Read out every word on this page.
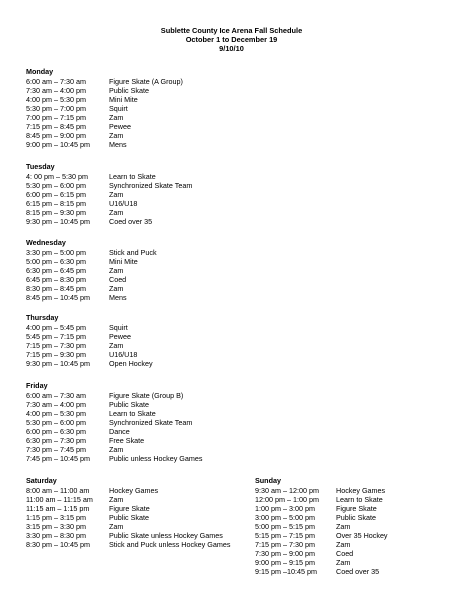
Sublette County Ice Arena Fall Schedule
October 1 to December 19
9/10/10
Monday
6:00 am – 7:30 am	Figure Skate (A Group)
7:30 am – 4:00 pm	Public Skate
4:00 pm – 5:30 pm	Mini Mite
5:30 pm – 7:00 pm	Squirt
7:00 pm – 7:15 pm	Zam
7:15 pm – 8:45 pm	Pewee
8:45 pm – 9:00 pm	Zam
9:00 pm – 10:45 pm	Mens
Tuesday
4: 00 pm – 5:30 pm	Learn to Skate
5:30 pm – 6:00 pm	Synchronized Skate Team
6:00 pm – 6:15 pm	Zam
6:15 pm – 8:15 pm	U16/U18
8:15 pm – 9:30 pm	Zam
9:30 pm – 10:45 pm	Coed over 35
Wednesday
3:30 pm – 5:00 pm	Stick and Puck
5:00 pm – 6:30 pm	Mini Mite
6:30 pm – 6:45 pm	Zam
6:45 pm – 8:30 pm	Coed
8:30 pm – 8:45 pm	Zam
8:45 pm – 10:45 pm	Mens
Thursday
4:00 pm – 5:45 pm	Squirt
5:45 pm – 7:15 pm	Pewee
7:15 pm – 7:30 pm	Zam
7:15 pm – 9:30 pm	U16/U18
9:30 pm – 10:45 pm	Open Hockey
Friday
6:00 am – 7:30 am	Figure Skate (Group B)
7:30 am – 4:00 pm	Public Skate
4:00 pm – 5:30 pm	Learn to Skate
5:30 pm – 6:00 pm	Synchronized Skate Team
6:00 pm – 6:30 pm	Dance
6:30 pm – 7:30 pm	Free Skate
7:30 pm – 7:45 pm	Zam
7:45 pm – 10:45 pm	Public unless Hockey Games
Saturday
8:00 am – 11:00 am	Hockey Games
11:00 am – 11:15 am	Zam
11:15 am – 1:15 pm	Figure Skate
1:15 pm – 3:15 pm	Public Skate
3:15 pm – 3:30 pm	Zam
3:30 pm – 8:30 pm	Public Skate unless Hockey Games
8:30 pm – 10:45 pm	Stick and Puck unless Hockey Games
Sunday
9:30 am – 12:00 pm	Hockey Games
12:00 pm – 1:00 pm	Learn to Skate
1:00 pm – 3:00 pm	Figure Skate
3:00 pm – 5:00 pm	Public Skate
5:00 pm – 5:15 pm	Zam
5:15 pm – 7:15 pm	Over 35 Hockey
7:15 pm – 7:30 pm	Zam
7:30 pm – 9:00 pm	Coed
9:00 pm – 9:15 pm	Zam
9:15 pm –10:45 pm	Coed over 35
